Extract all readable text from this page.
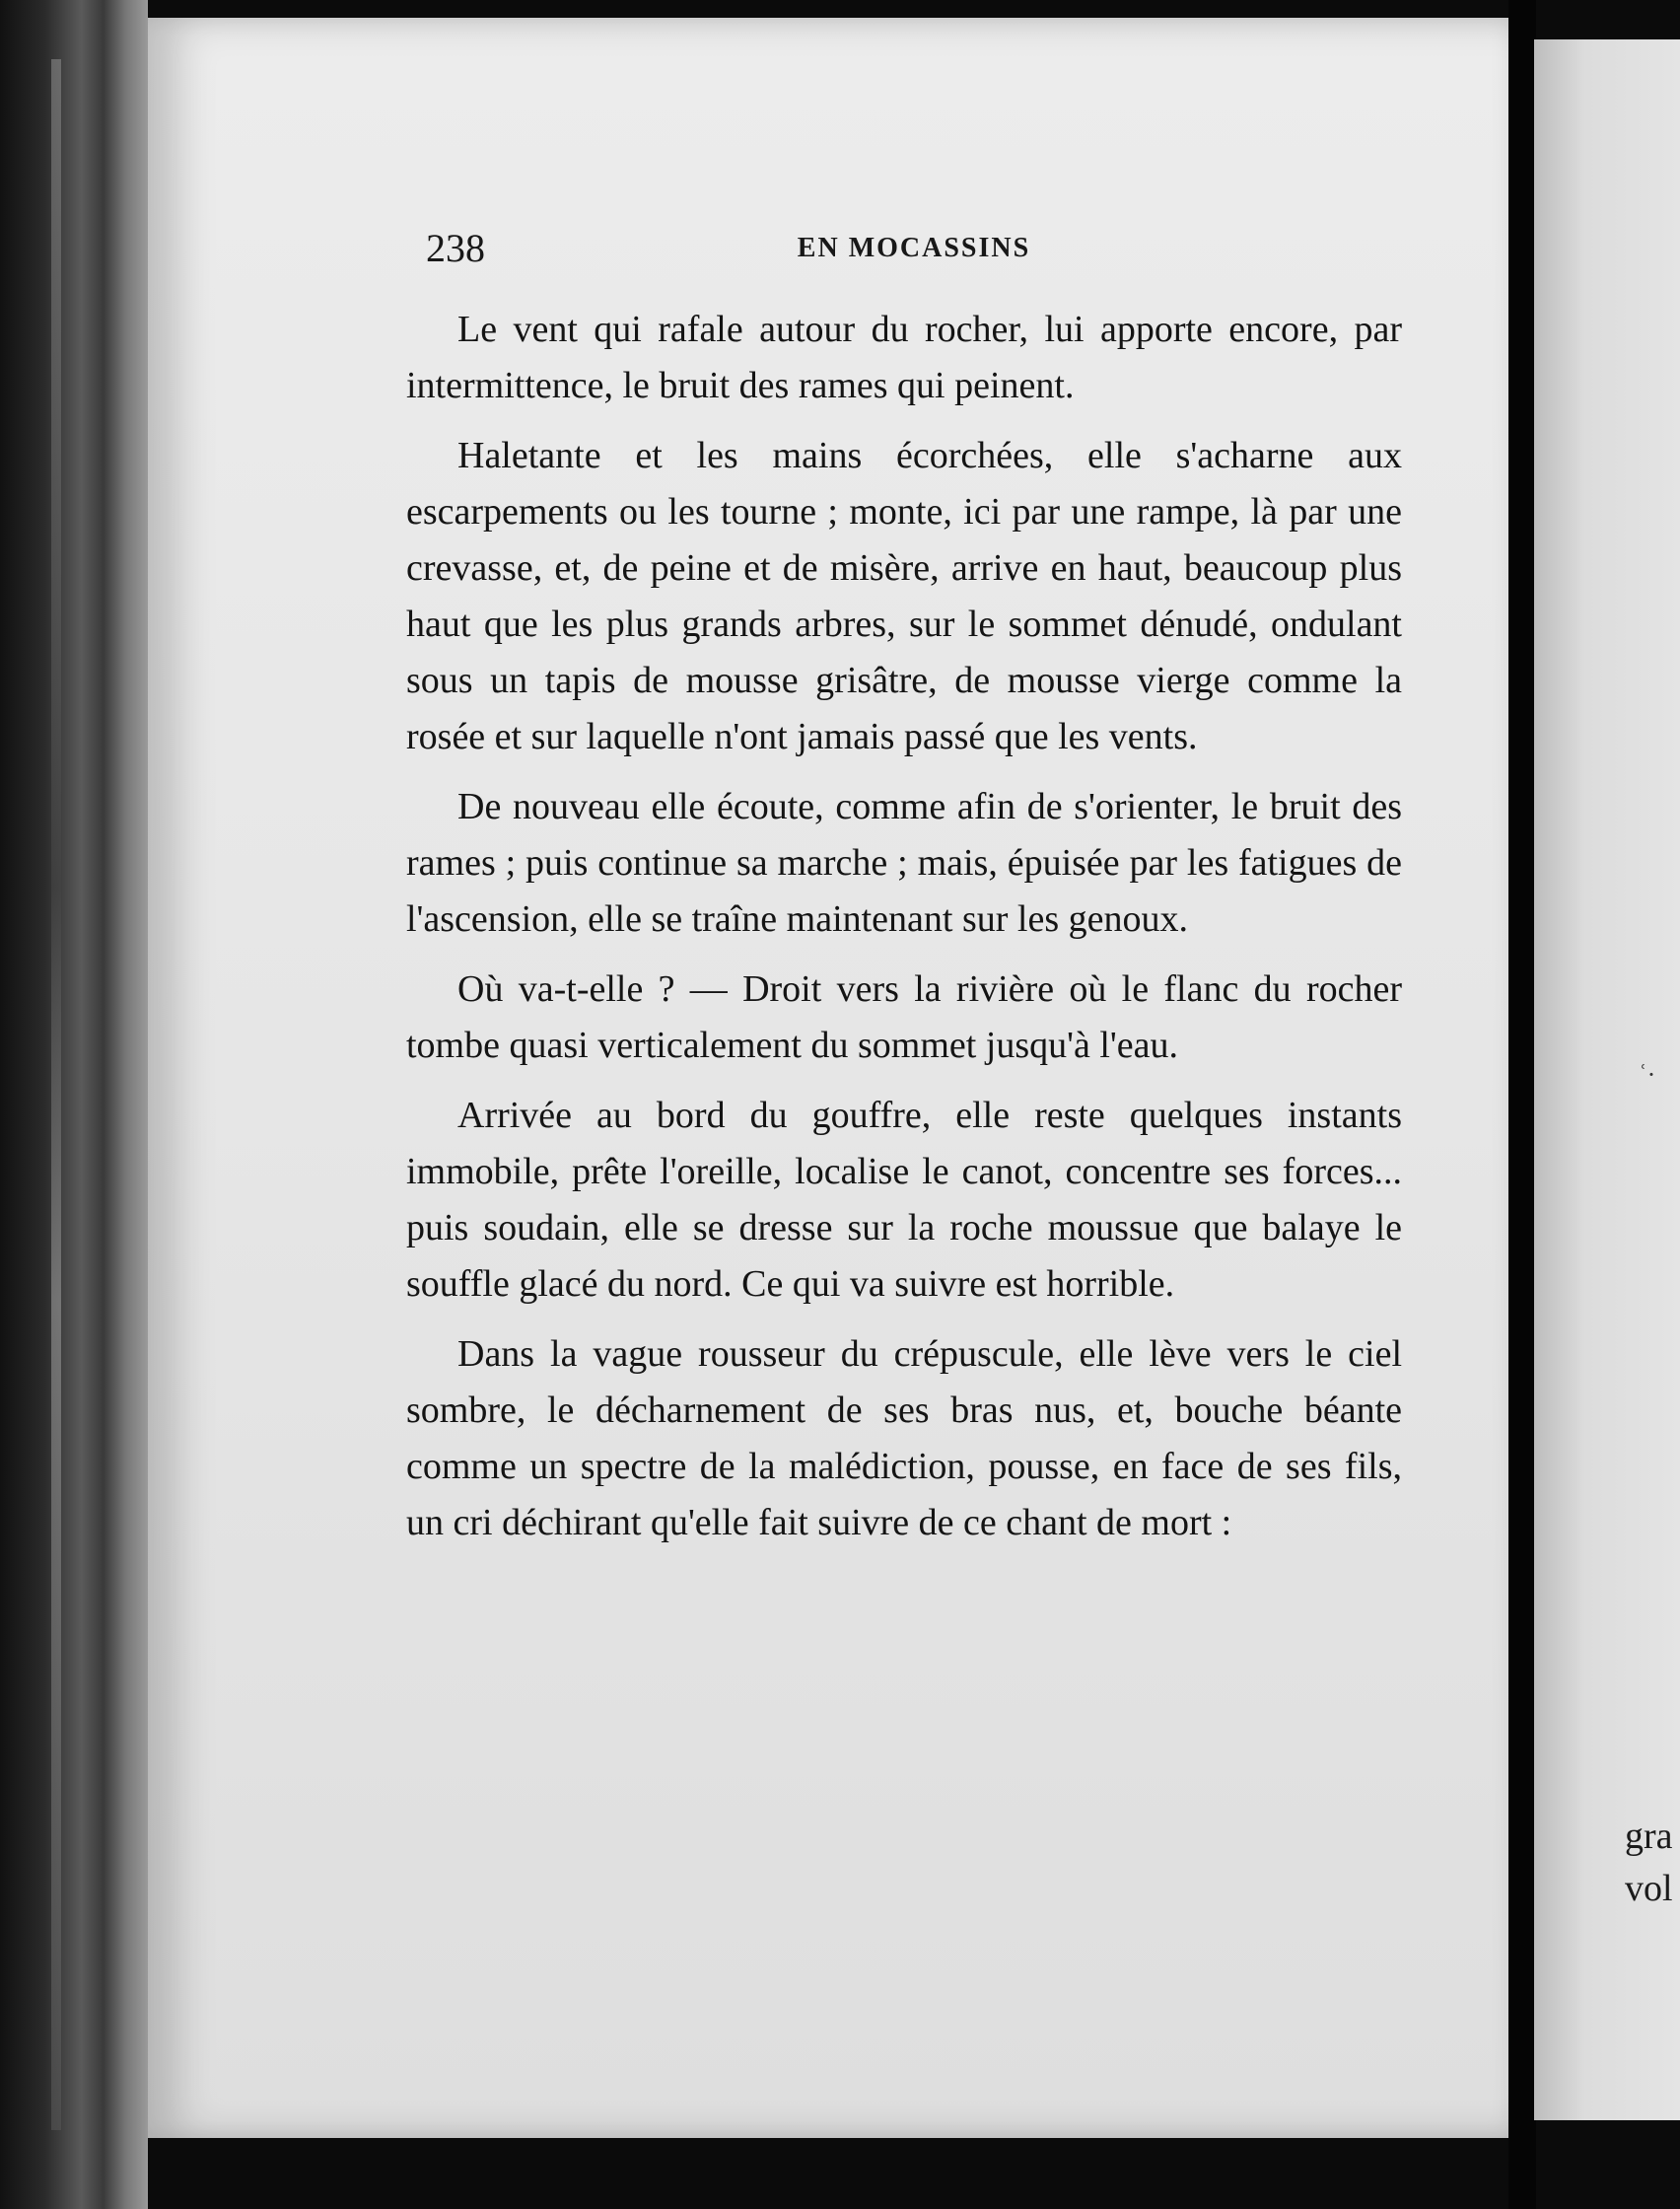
ʿ·
gra
vol
238	EN MOCASSINS

Le vent qui rafale autour du rocher, lui apporte encore, par intermittence, le bruit des rames qui peinent.

Haletante et les mains écorchées, elle s'acharne aux escarpements ou les tourne ; monte, ici par une rampe, là par une crevasse, et, de peine et de misère, arrive en haut, beaucoup plus haut que les plus grands arbres, sur le sommet dénudé, ondulant sous un tapis de mousse grisâtre, de mousse vierge comme la rosée et sur laquelle n'ont jamais passé que les vents.

De nouveau elle écoute, comme afin de s'orienter, le bruit des rames ; puis continue sa marche ; mais, épuisée par les fatigues de l'ascension, elle se traîne maintenant sur les genoux.

Où va-t-elle ? — Droit vers la rivière où le flanc du rocher tombe quasi verticalement du sommet jusqu'à l'eau.

Arrivée au bord du gouffre, elle reste quelques instants immobile, prête l'oreille, localise le canot, concentre ses forces... puis soudain, elle se dresse sur la roche moussue que balaye le souffle glacé du nord. Ce qui va suivre est horrible.

Dans la vague rousseur du crépuscule, elle lève vers le ciel sombre, le décharnement de ses bras nus, et, bouche béante comme un spectre de la malédiction, pousse, en face de ses fils, un cri déchirant qu'elle fait suivre de ce chant de mort :
